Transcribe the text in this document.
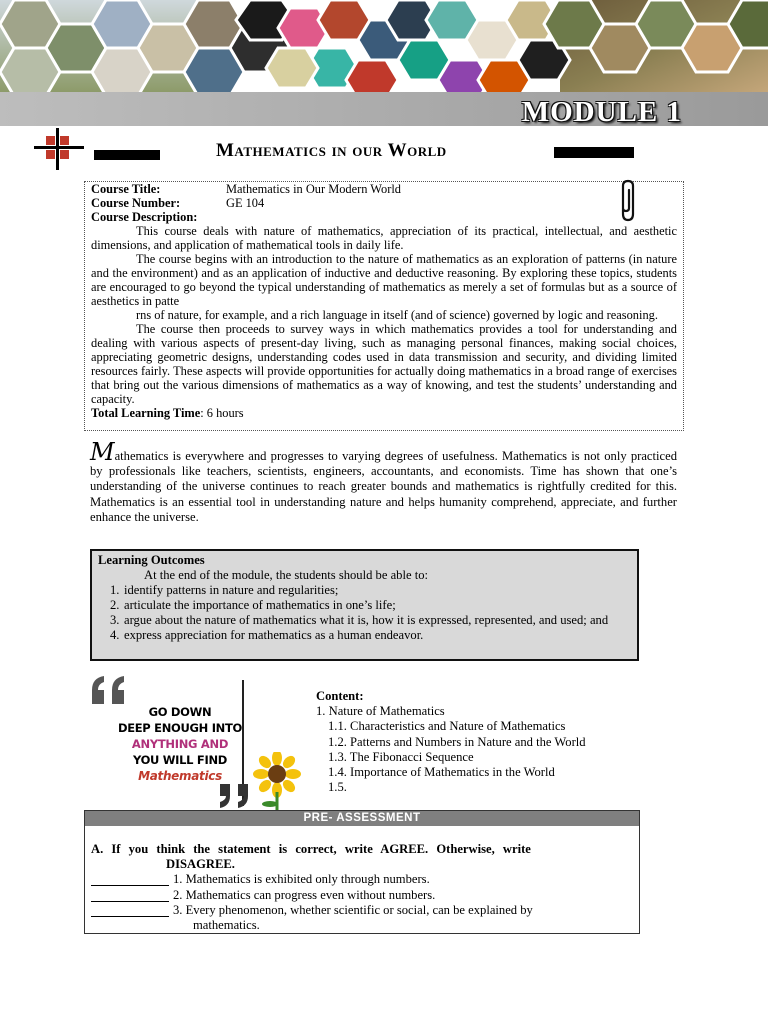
MODULE 1
Mathematics in our World
Course Title:	Mathematics in Our Modern World
Course Number:	GE 104
Course Description:

This course deals with nature of mathematics, appreciation of its practical, intellectual, and aesthetic dimensions, and application of mathematical tools in daily life.

The course begins with an introduction to the nature of mathematics as an exploration of patterns (in nature and the environment) and as an application of inductive and deductive reasoning. By exploring these topics, students are encouraged to go beyond the typical understanding of mathematics as merely a set of formulas but as a source of aesthetics in patte

rns of nature, for example, and a rich language in itself (and of science) governed by logic and reasoning.

The course then proceeds to survey ways in which mathematics provides a tool for understanding and dealing with various aspects of present-day living, such as managing personal finances, making social choices, appreciating geometric designs, understanding codes used in data transmission and security, and dividing limited resources fairly. These aspects will provide opportunities for actually doing mathematics in a broad range of exercises that bring out the various dimensions of mathematics as a way of knowing, and test the students’ understanding and capacity.

Total Learning Time: 6 hours
Mathematics is everywhere and progresses to varying degrees of usefulness. Mathematics is not only practiced by professionals like teachers, scientists, engineers, accountants, and economists. Time has shown that one’s understanding of the universe continues to reach greater bounds and mathematics is rightfully credited for this. Mathematics is an essential tool in understanding nature and helps humanity comprehend, appreciate, and further enhance the universe.
Learning Outcomes
At the end of the module, the students should be able to:
1. identify patterns in nature and regularities;
2. articulate the importance of mathematics in one’s life;
3. argue about the nature of mathematics what it is, how it is expressed, represented, and used; and
4. express appreciation for mathematics as a human endeavor.
GO DOWN
DEEP ENOUGH INTO
ANYTHING AND
YOU WILL FIND
Mathematics
Content:
1. Nature of Mathematics
1.1. Characteristics and Nature of Mathematics
1.2. Patterns and Numbers in Nature and the World
1.3. The Fibonacci Sequence
1.4. Importance of Mathematics in the World
1.5.
PRE- ASSESSMENT
A. If you think the statement is correct, write AGREE. Otherwise, write
DISAGREE.
1. Mathematics is exhibited only through numbers.
2. Mathematics can progress even without numbers.
3. Every phenomenon, whether scientific or social, can be explained by
mathematics.
